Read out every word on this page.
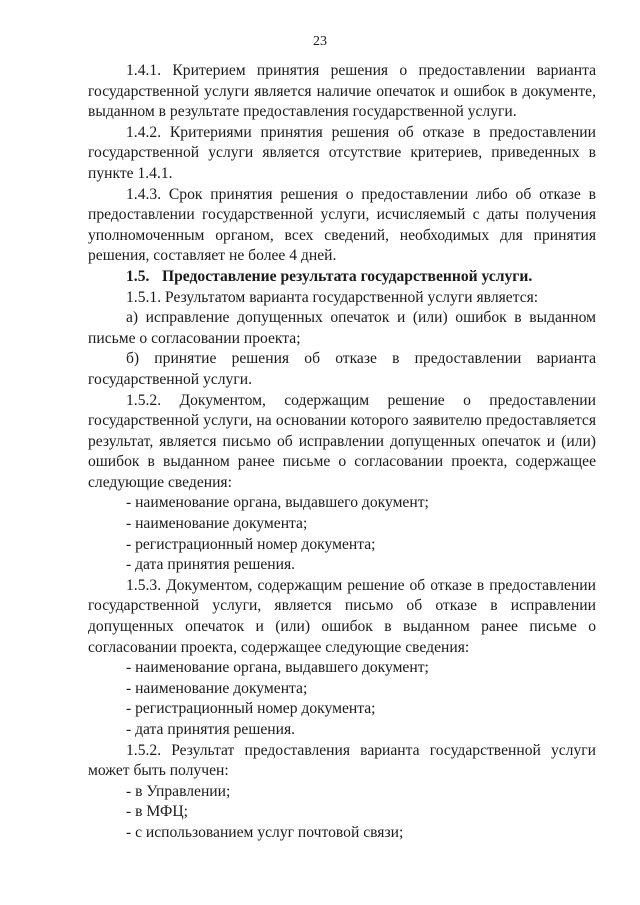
23

1.4.1. Критерием принятия решения о предоставлении варианта государственной услуги является наличие опечаток и ошибок в документе, выданном в результате предоставления государственной услуги.

1.4.2. Критериями принятия решения об отказе в предоставлении государственной услуги является отсутствие критериев, приведенных в пункте 1.4.1.

1.4.3. Срок принятия решения о предоставлении либо об отказе в предоставлении государственной услуги, исчисляемый с даты получения уполномоченным органом, всех сведений, необходимых для принятия решения, составляет не более 4 дней.

1.5. Предоставление результата государственной услуги.

1.5.1. Результатом варианта государственной услуги является:

а) исправление допущенных опечаток и (или) ошибок в выданном письме о согласовании проекта;

б) принятие решения об отказе в предоставлении варианта государственной услуги.

1.5.2. Документом, содержащим решение о предоставлении государственной услуги, на основании которого заявителю предоставляется результат, является письмо об исправлении допущенных опечаток и (или) ошибок в выданном ранее письме о согласовании проекта, содержащее следующие сведения:

- наименование органа, выдавшего документ;

- наименование документа;

- регистрационный номер документа;

- дата принятия решения.

1.5.3. Документом, содержащим решение об отказе в предоставлении государственной услуги, является письмо об отказе в исправлении допущенных опечаток и (или) ошибок в выданном ранее письме о согласовании проекта, содержащее следующие сведения:

- наименование органа, выдавшего документ;

- наименование документа;

- регистрационный номер документа;

- дата принятия решения.

1.5.2. Результат предоставления варианта государственной услуги может быть получен:

- в Управлении;

- в МФЦ;

- с использованием услуг почтовой связи;
